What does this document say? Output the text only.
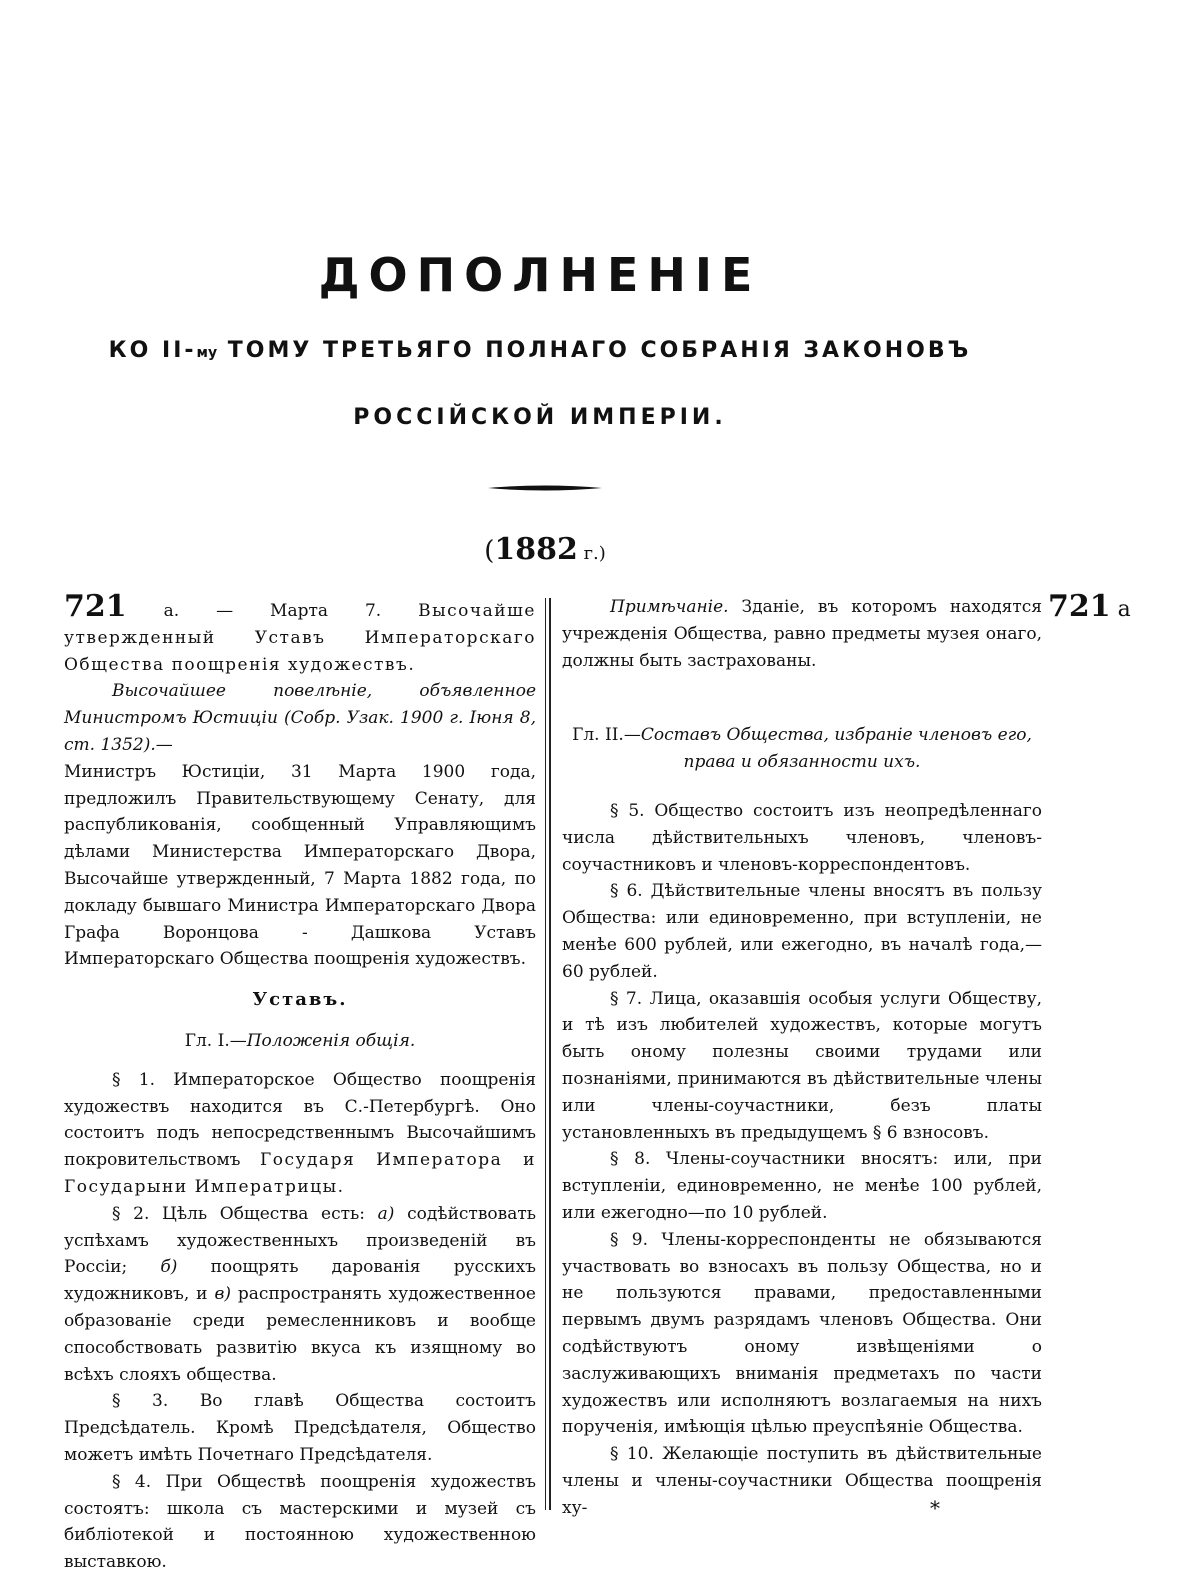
ДОПОЛНЕНІЕ
КО II-му ТОМУ ТРЕТЬЯГО ПОЛНАГО СОБРАНІЯ ЗАКОНОВЪ
РОССІЙСКОЙ ИМПЕРІИ.
(1882 г.)

721 а. — Марта 7. Высочайше утвержденный Уставъ Императорскаго Общества поощренія художествъ.

Высочайшее повелѣніе, объявленное Министромъ Юстиціи (Собр. Узак. 1900 г. Іюня 8, ст. 1352).—

Министръ Юстиціи, 31 Марта 1900 года, предложилъ Правительствующему Сенату, для распубликованія, сообщенный Управляющимъ дѣлами Министерства Императорскаго Двора, Высочайше утвержденный, 7 Марта 1882 года, по докладу бывшаго Министра Императорскаго Двора Графа Воронцова - Дашкова Уставъ Императорскаго Общества поощренія художествъ.

Уставъ.

Гл. I.—Положенія общія.

§ 1. Императорское Общество поощренія художествъ находится въ С.-Петербургѣ. Оно состоитъ подъ непосредственнымъ Высочайшимъ покровительствомъ Государя Императора и Государыни Императрицы.

§ 2. Цѣль Общества есть: а) содѣйствовать успѣхамъ художественныхъ произведеній въ Россіи; б) поощрять дарованія русскихъ художниковъ, и в) распространять художественное образованіе среди ремесленниковъ и вообще способствовать развитію вкуса къ изящному во всѣхъ слояхъ общества.

§ 3. Во главѣ Общества состоитъ Предсѣдатель. Кромѣ Предсѣдателя, Общество можетъ имѣть Почетнаго Предсѣдателя.

§ 4. При Обществѣ поощренія художествъ состоятъ: школа съ мастерскими и музей съ библіотекой и постоянною художественною выставкою.

Примѣчаніе. Зданіе, въ которомъ находятся учрежденія Общества, равно предметы музея онаго, должны быть застрахованы.

Гл. II.—Составъ Общества, избраніе членовъ его, права и обязанности ихъ.

§ 5. Общество состоитъ изъ неопредѣленнаго числа дѣйствительныхъ членовъ, членовъ-соучастниковъ и членовъ-корреспондентовъ.

§ 6. Дѣйствительные члены вносятъ въ пользу Общества: или единовременно, при вступленіи, не менѣе 600 рублей, или ежегодно, въ началѣ года,— 60 рублей.

§ 7. Лица, оказавшія особыя услуги Обществу, и тѣ изъ любителей художествъ, которые могутъ быть оному полезны своими трудами или познаніями, принимаются въ дѣйствительные члены или члены-соучастники, безъ платы установленныхъ въ предыдущемъ § 6 взносовъ.

§ 8. Члены-соучастники вносятъ: или, при вступленіи, единовременно, не менѣе 100 рублей, или ежегодно—по 10 рублей.

§ 9. Члены-корреспонденты не обязываются участвовать во взносахъ въ пользу Общества, но и не пользуются правами, предоставленными первымъ двумъ разрядамъ членовъ Общества. Они содѣйствуютъ оному извѣщеніями о заслуживающихъ вниманія предметахъ по части художествъ или исполняютъ возлагаемыя на нихъ порученія, имѣющія цѣлью преуспѣяніе Общества.

§ 10. Желающіе поступить въ дѣйствительные члены и члены-соучастники Общества поощренія ху-

721 а
*
